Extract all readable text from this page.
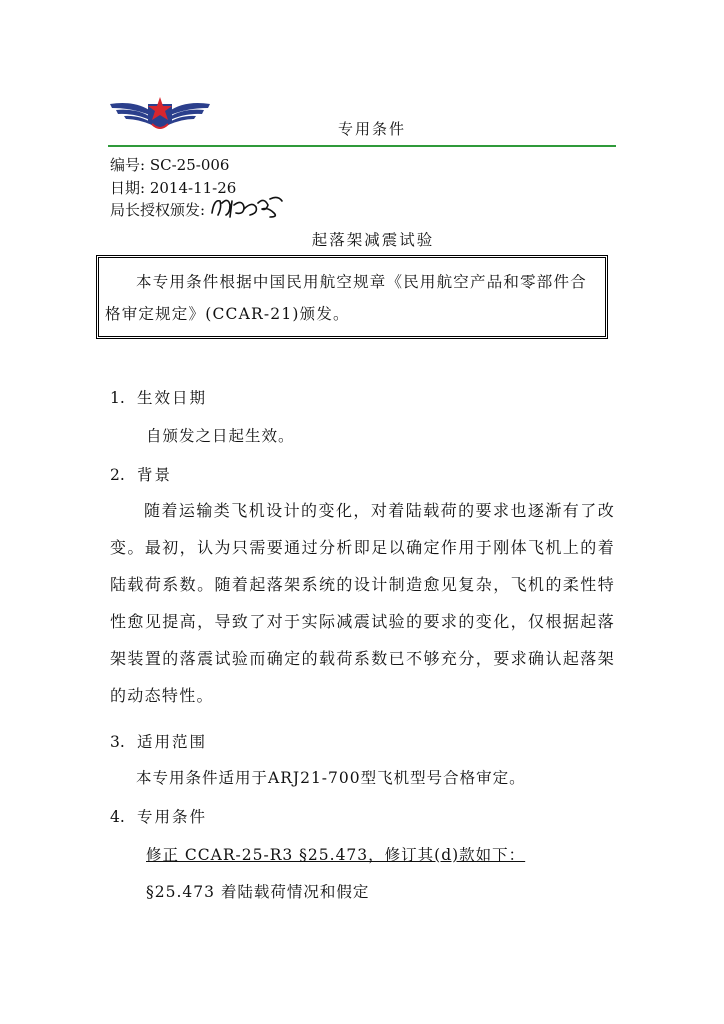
专用条件
编号: SC-25-006
日期: 2014-11-26
局长授权颁发:
起落架减震试验

本专用条件根据中国民用航空规章《民用航空产品和零部件合格审定规定》(CCAR-21)颁发。

1. 生效日期
自颁发之日起生效。
2. 背景

随着运输类飞机设计的变化，对着陆载荷的要求也逐渐有了改变。最初，认为只需要通过分析即足以确定作用于刚体飞机上的着陆载荷系数。随着起落架系统的设计制造愈见复杂，飞机的柔性特性愈见提高，导致了对于实际减震试验的要求的变化，仅根据起落架装置的落震试验而确定的载荷系数已不够充分，要求确认起落架的动态特性。

3. 适用范围
本专用条件适用于ARJ21-700型飞机型号合格审定。
4. 专用条件
修正 CCAR-25-R3 §25.473，修订其(d)款如下：
§25.473 着陆载荷情况和假定
